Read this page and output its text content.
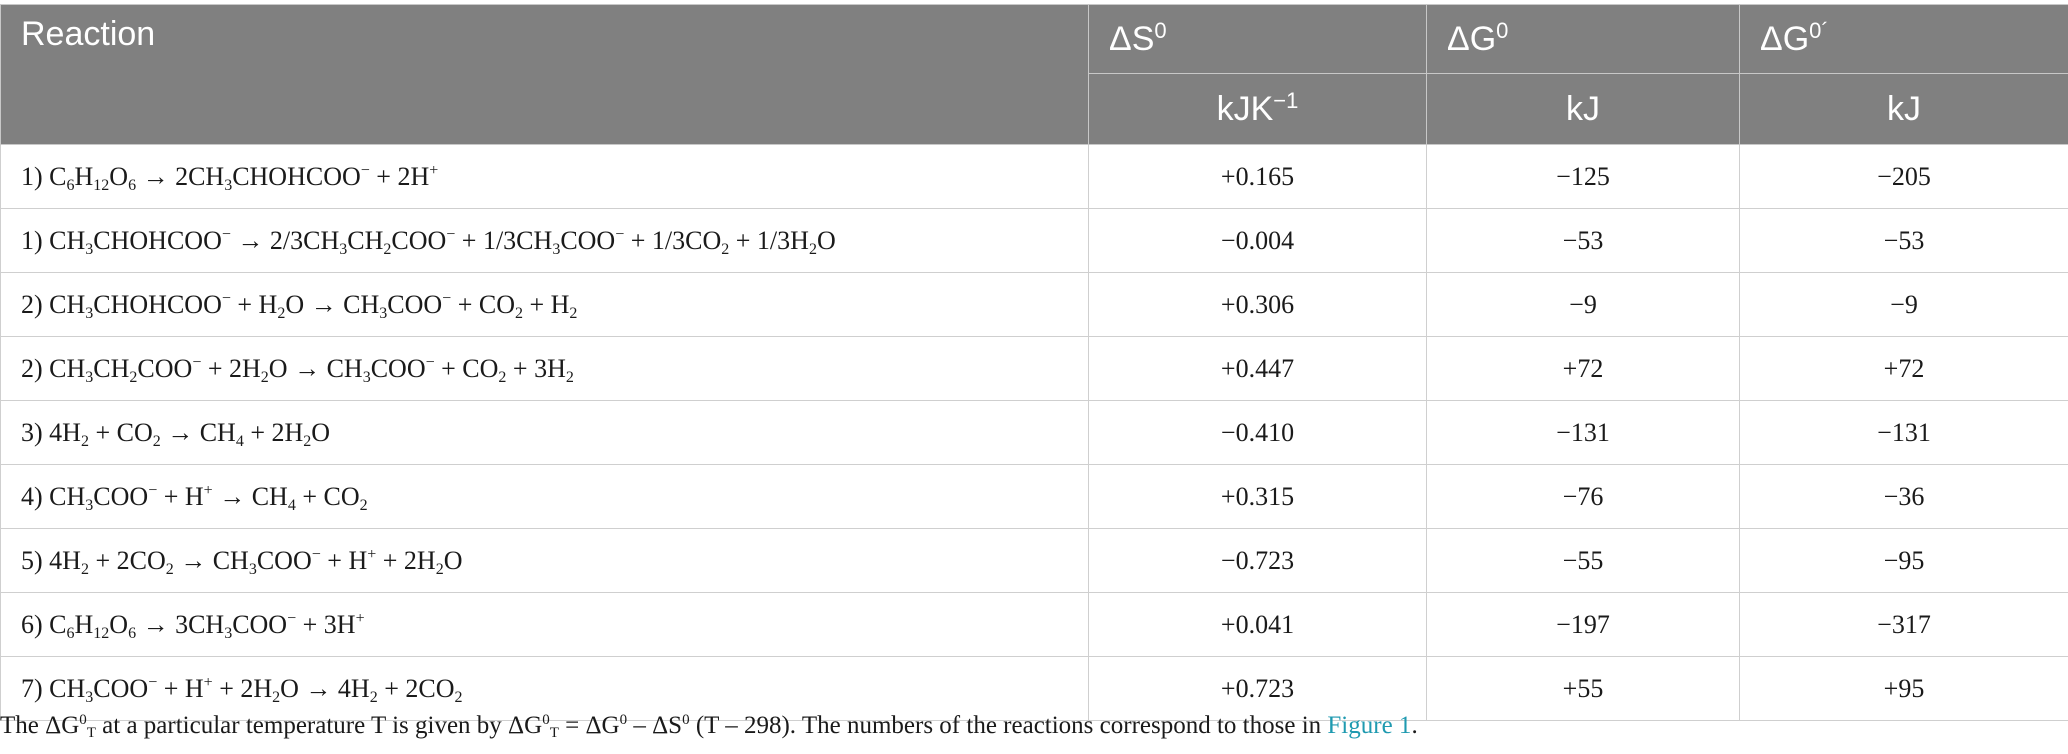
Reaction	$\Delta S^0$	$\Delta G^0$	$\Delta G^{0´}$
	kJK$^{-1}$	kJ	kJ
1) $C_6H_{12}O_6$ → $2CH_3CHOHCOO^- + 2H^+$	+0.165	−125	−205
1) $CH_3CHOHCOO^- \to 2/3CH_3CH_2COO^- + 1/3CH_3COO^- + 1/3CO_2 + 1/3H_2O$	−0.004	−53	−53
2) $CH_3CHOHCOO^- + H_2O \to CH_3COO^- + CO_2 + H_2$	+0.306	−9	−9
2) $CH_3CH_2COO^- + 2H_2O \to CH_3COO^- + CO_2 + 3H_2$	+0.447	+72	+72
3) $4H_2 + CO_2 \to CH_4 + 2H_2O$	−0.410	−131	−131
4) $CH_3COO^- + H^+ \to CH_4 + CO_2$	+0.315	−76	−36
5) $4H_2 + 2CO_2 \to CH_3COO^- + H^+ + 2H_2O$	−0.723	−55	−95
6) $C_6H_{12}O_6 \to 3CH_3COO^- + 3H^+$	+0.041	−197	−317
7) $CH_3COO^- + H^+ + 2H_2O \to 4H_2 + 2CO_2$	+0.723	+55	+95
The $\Delta G^0_T$ at a particular temperature T is given by $\Delta G^0_T = \Delta G^0 - \Delta S^0$ (T – 298). The numbers of the reactions correspond to those in Figure 1.
